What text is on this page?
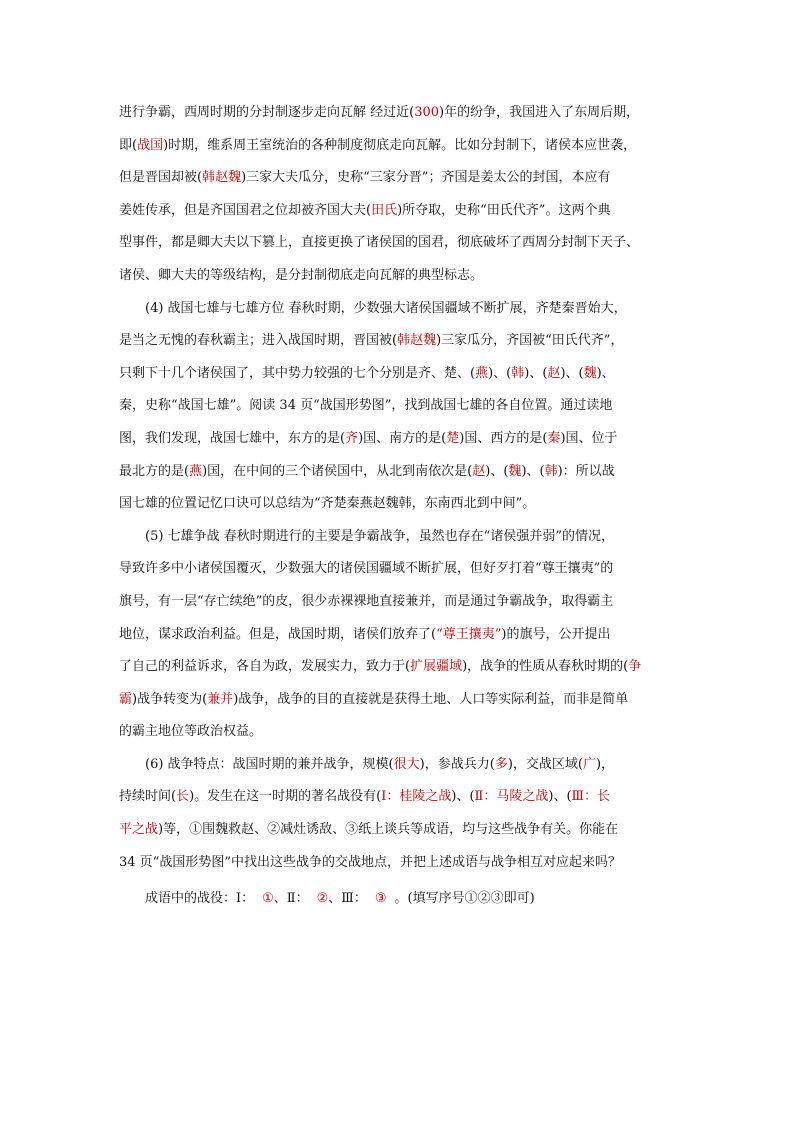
进行争霸，西周时期的分封制逐步走向瓦解 经过近(300)年的纷争，我国进入了东周后期，
即(战国)时期，维系周王室统治的各种制度彻底走向瓦解。比如分封制下，诸侯本应世袭，
但是晋国却被(韩赵魏)三家大夫瓜分，史称“三家分晋”；齐国是姜太公的封国，本应有
姜姓传承，但是齐国国君之位却被齐国大夫(田氏)所夺取，史称“田氏代齐”。这两个典
型事件，都是卿大夫以下篡上，直接更换了诸侯国的国君，彻底破坏了西周分封制下天子、
诸侯、卿大夫的等级结构，是分封制彻底走向瓦解的典型标志。
(4) 战国七雄与七雄方位 春秋时期，少数强大诸侯国疆域不断扩展，齐楚秦晋始大，
是当之无愧的春秋霸主；进入战国时期，晋国被(韩赵魏)三家瓜分，齐国被“田氏代齐”，
只剩下十几个诸侯国了，其中势力较强的七个分别是齐、楚、(燕)、(韩)、(赵)、(魏)、
秦，史称“战国七雄”。阅读 34 页“战国形势图”，找到战国七雄的各自位置。通过读地
图，我们发现，战国七雄中，东方的是(齐)国、南方的是(楚)国、西方的是(秦)国、位于
最北方的是(燕)国，在中间的三个诸侯国中，从北到南依次是(赵)、(魏)、(韩)：所以战
国七雄的位置记忆口诀可以总结为“齐楚秦燕赵魏韩，东南西北到中间”。
(5) 七雄争战 春秋时期进行的主要是争霸战争，虽然也存在“诸侯强并弱”的情况，
导致许多中小诸侯国覆灭，少数强大的诸侯国疆域不断扩展，但好歹打着“尊王攘夷”的
旗号，有一层“存亡续绝”的皮，很少赤裸裸地直接兼并，而是通过争霸战争，取得霸主
地位，谋求政治利益。但是，战国时期，诸侯们放弃了(“尊王攘夷”)的旗号，公开提出
了自己的利益诉求，各自为政，发展实力，致力于(扩展疆域)，战争的性质从春秋时期的(争
霸)战争转变为(兼并)战争，战争的目的直接就是获得土地、人口等实际利益，而非是简单
的霸主地位等政治权益。
(6) 战争特点：战国时期的兼并战争，规模(很大)，参战兵力(多)，交战区域(广)，
持续时间(长)。发生在这一时期的著名战役有(Ⅰ：桂陵之战)、(Ⅱ：马陵之战)、(Ⅲ：长
平之战)等，①围魏救赵、②减灶诱敌、③纸上谈兵等成语，均与这些战争有关。你能在
34 页“战国形势图”中找出这些战争的交战地点，并把上述成语与战争相互对应起来吗？
成语中的战役：Ⅰ： ①、Ⅱ： ②、Ⅲ： ③ 。(填写序号①②③即可)
